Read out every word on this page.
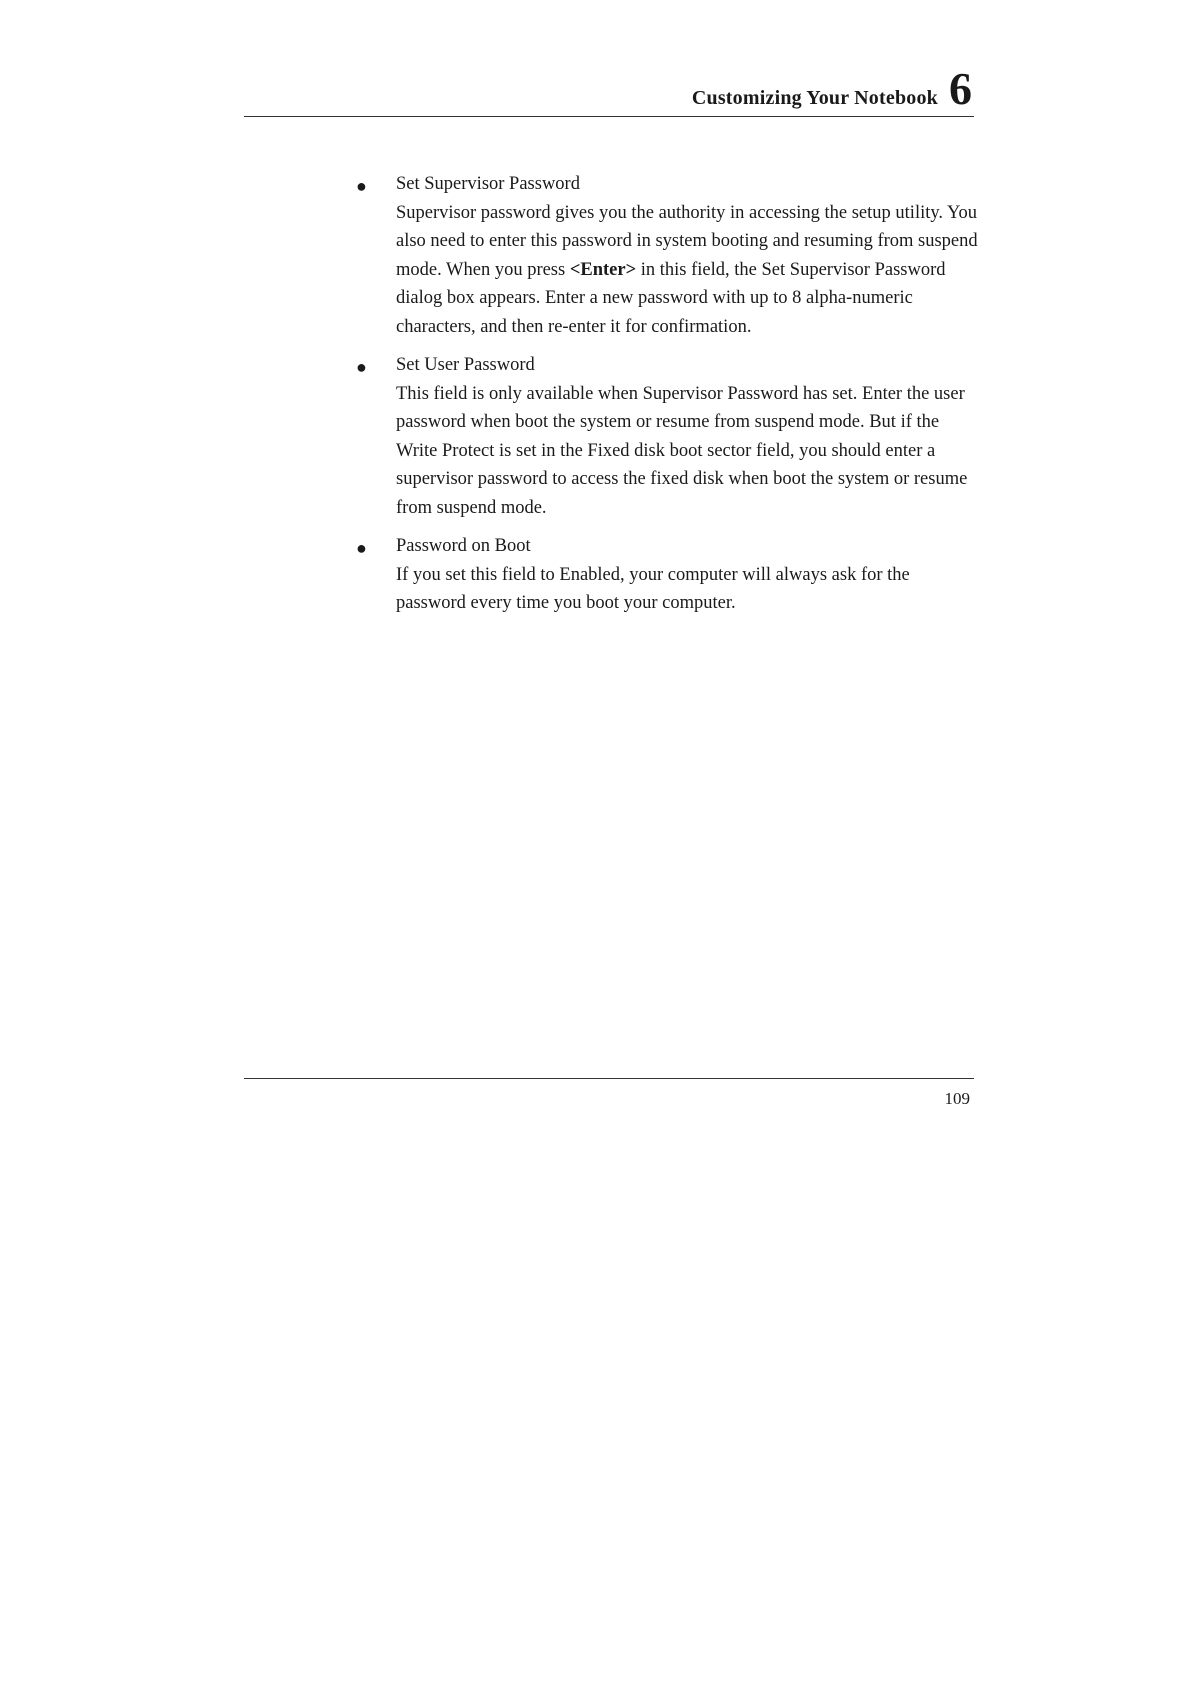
Customizing Your Notebook 6
● Set Supervisor Password
Supervisor password gives you the authority in accessing the setup utility. You also need to enter this password in system booting and resuming from suspend mode. When you press <Enter> in this field, the Set Supervisor Password dialog box appears. Enter a new password with up to 8 alpha-numeric characters, and then re-enter it for confirmation.
● Set User Password
This field is only available when Supervisor Password has set. Enter the user password when boot the system or resume from suspend mode. But if the Write Protect is set in the Fixed disk boot sector field, you should enter a supervisor password to access the fixed disk when boot the system or resume from suspend mode.
● Password on Boot
If you set this field to Enabled, your computer will always ask for the password every time you boot your computer.
109
